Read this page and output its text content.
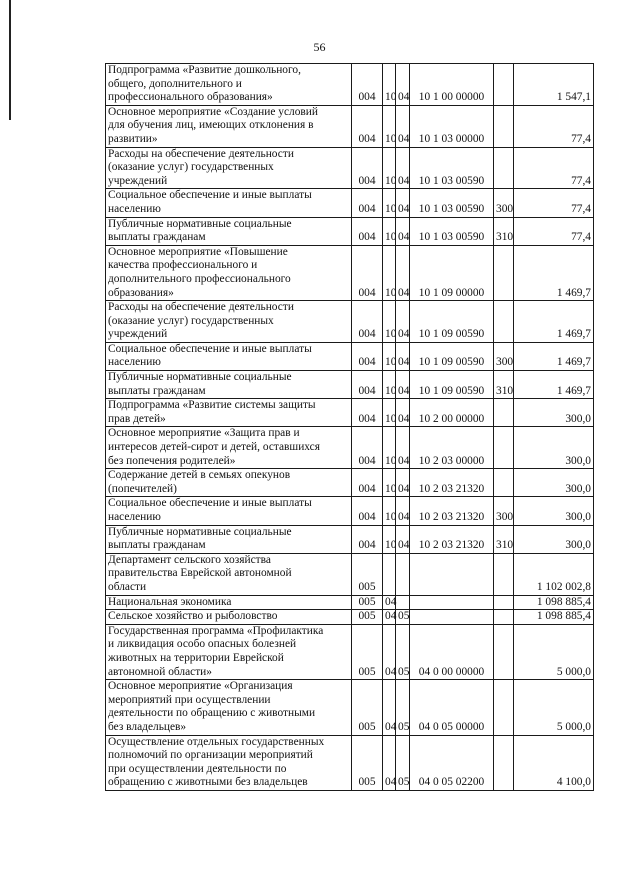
56
Подпрограмма «Развитие дошкольного,
общего, дополнительного и
профессионального образования»	004	10	04	10 1 00 00000		1 547,1
Основное мероприятие «Создание условий
для обучения лиц, имеющих отклонения в
развитии»	004	10	04	10 1 03 00000		77,4
Расходы на обеспечение деятельности
(оказание услуг) государственных
учреждений	004	10	04	10 1 03 00590		77,4
Социальное обеспечение и иные выплаты
населению	004	10	04	10 1 03 00590	300	77,4
Публичные нормативные социальные
выплаты гражданам	004	10	04	10 1 03 00590	310	77,4
Основное мероприятие «Повышение
качества профессионального и
дополнительного профессионального
образования»	004	10	04	10 1 09 00000		1 469,7
Расходы на обеспечение деятельности
(оказание услуг) государственных
учреждений	004	10	04	10 1 09 00590		1 469,7
Социальное обеспечение и иные выплаты
населению	004	10	04	10 1 09 00590	300	1 469,7
Публичные нормативные социальные
выплаты гражданам	004	10	04	10 1 09 00590	310	1 469,7
Подпрограмма «Развитие системы защиты
прав детей»	004	10	04	10 2 00 00000		300,0
Основное мероприятие «Защита прав и
интересов детей-сирот и детей, оставшихся
без попечения родителей»	004	10	04	10 2 03 00000		300,0
Содержание детей в семьях опекунов
(попечителей)	004	10	04	10 2 03 21320		300,0
Социальное обеспечение и иные выплаты
населению	004	10	04	10 2 03 21320	300	300,0
Публичные нормативные социальные
выплаты гражданам	004	10	04	10 2 03 21320	310	300,0
Департамент сельского хозяйства
правительства Еврейской автономной
области	005					1 102 002,8
Национальная экономика	005	04				1 098 885,4
Сельское хозяйство и рыболовство	005	04	05			1 098 885,4
Государственная программа «Профилактика
и ликвидация особо опасных болезней
животных на территории Еврейской
автономной области»	005	04	05	04 0 00 00000		5 000,0
Основное мероприятие «Организация
мероприятий при осуществлении
деятельности по обращению с животными
без владельцев»	005	04	05	04 0 05 00000		5 000,0
Осуществление отдельных государственных
полномочий по организации мероприятий
при осуществлении деятельности по
обращению с животными без владельцев	005	04	05	04 0 05 02200		4 100,0
